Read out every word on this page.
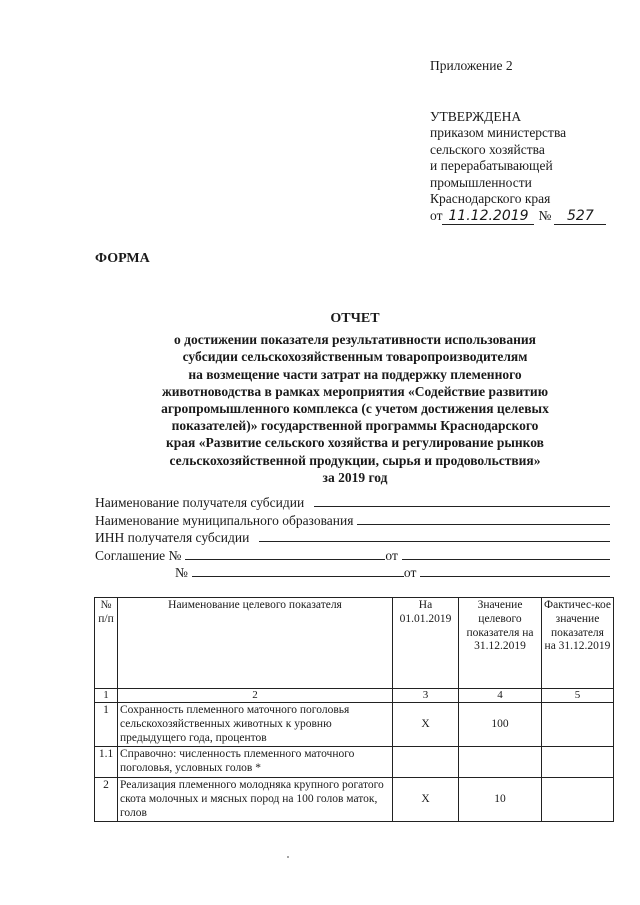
Приложение 2
УТВЕРЖДЕНА
приказом министерства
сельского хозяйства
и перерабатывающей
промышленности
Краснодарского края
от 11.12.2019 №	527
ФОРМА
ОТЧЕТ
о достижении показателя результативности использования
субсидии сельскохозяйственным товаропроизводителям
на возмещение части затрат на поддержку племенного
животноводства в рамках мероприятия «Содействие развитию
агропромышленного комплекса (с учетом достижения целевых
показателей)» государственной программы Краснодарского
края «Развитие сельского хозяйства и регулирование рынков
сельскохозяйственной продукции, сырья и продовольствия»
за 2019 год
Наименование получателя субсидии
Наименование муниципального образования
ИНН получателя субсидии
Соглашение №	от
№	от
№ п/п	Наименование целевого показателя	На 01.01.2019	Значение целевого показателя на 31.12.2019	Фактичес-кое значение показателя на 31.12.2019
1	2	3	4	5
1	Сохранность племенного маточного поголовья сельскохозяйственных животных к уровню предыдущего года, процентов	Х	100	
1.1	Справочно: численность племенного маточного поголовья, условных голов *			
2	Реализация племенного молодняка крупного рогатого скота молочных и мясных пород на 100 голов маток, голов	Х	10	
